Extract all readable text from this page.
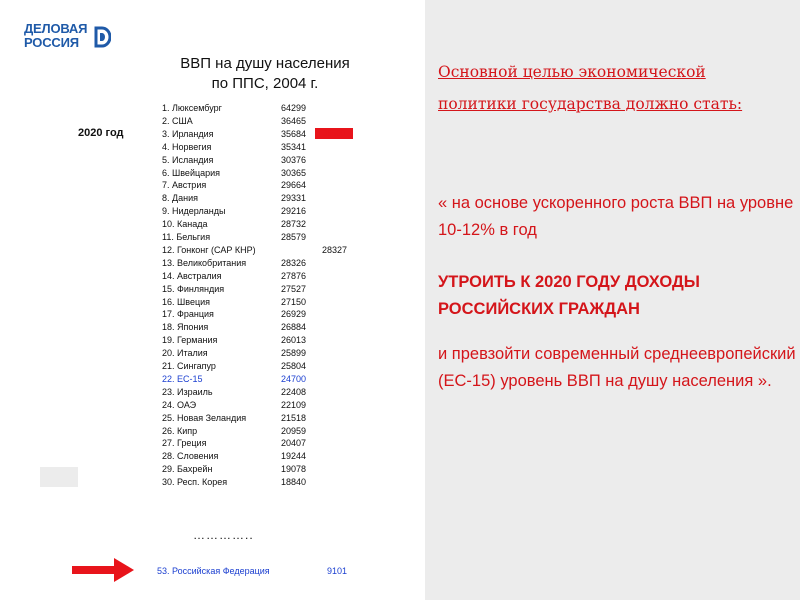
ДЕЛОВАЯ
РОССИЯ
ВВП на душу населения
по ППС, 2004 г.
2020 год
1. Люксембург	64299
2. США	36465
3. Ирландия	35684	36500
4. Норвегия	35341
5. Исландия	30376
6. Швейцария	30365
7. Австрия	29664
8. Дания	29331
9. Нидерланды	29216
10. Канада	28732
11. Бельгия	28579
12. Гонконг (САР КНР)	28327
13. Великобритания	28326
14. Австралия	27876
15. Финляндия	27527
16. Швеция	27150
17. Франция	26929
18. Япония	26884
19. Германия	26013
20. Италия	25899
21. Сингапур	25804
22. ЕС-15	24700
23. Израиль	22408
24. ОАЭ	22109
25. Новая Зеландия	21518
26. Кипр	20959
27. Греция	20407
28. Словения	19244
29. Бахрейн	19078
30. Респ. Корея	18840
…………..
53. Российская Федерация	9101
Основной целью экономической политики государства должно стать:
« на основе ускоренного роста ВВП на уровне 10-12% в год
УТРОИТЬ К 2020 ГОДУ ДОХОДЫ РОССИЙСКИХ ГРАЖДАН
и превзойти современный среднеевропейский (ЕС-15) уровень ВВП на душу населения ».
